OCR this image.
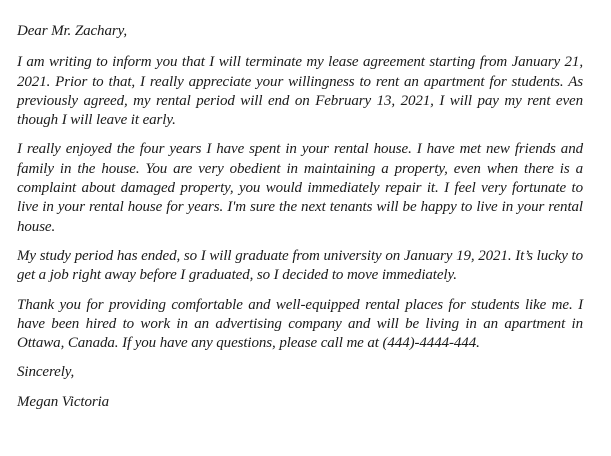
Dear Mr. Zachary,

I am writing to inform you that I will terminate my lease agreement starting from January 21, 2021. Prior to that, I really appreciate your willingness to rent an apartment for students. As previously agreed, my rental period will end on February 13, 2021, I will pay my rent even though I will leave it early.

I really enjoyed the four years I have spent in your rental house. I have met new friends and family in the house. You are very obedient in maintaining a property, even when there is a complaint about damaged property, you would immediately repair it. I feel very fortunate to live in your rental house for years. I'm sure the next tenants will be happy to live in your rental house.

My study period has ended, so I will graduate from university on January 19, 2021. It’s lucky to get a job right away before I graduated, so I decided to move immediately.

Thank you for providing comfortable and well-equipped rental places for students like me. I have been hired to work in an advertising company and will be living in an apartment in Ottawa, Canada. If you have any questions, please call me at (444)-4444-444.

Sincerely,

Megan Victoria
